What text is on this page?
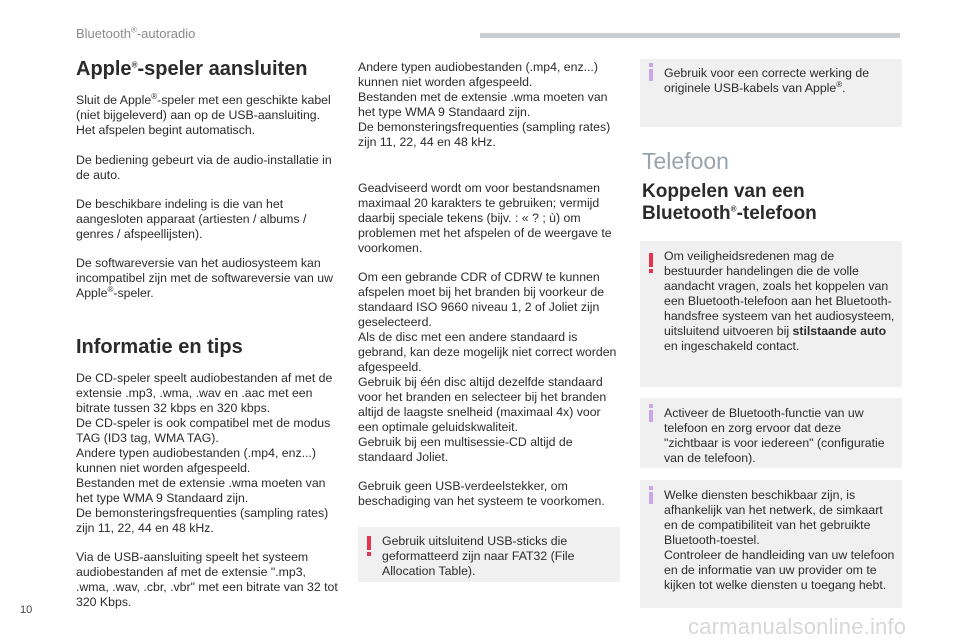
Bluetooth®-autoradio
Apple®-speler aansluiten

Sluit de Apple®-speler met een geschikte kabel (niet bijgeleverd) aan op de USB-aansluiting. Het afspelen begint automatisch.

De bediening gebeurt via de audio-installatie in de auto.

De beschikbare indeling is die van het aangesloten apparaat (artiesten / albums / genres / afspeellijsten).

De softwareversie van het audiosysteem kan incompatibel zijn met de softwareversie van uw Apple®-speler.

Informatie en tips

De CD-speler speelt audiobestanden af met de extensie .mp3, .wma, .wav en .aac met een bitrate tussen 32 kbps en 320 kbps.
De CD-speler is ook compatibel met de modus TAG (ID3 tag, WMA TAG).
Andere typen audiobestanden (.mp4, enz...) kunnen niet worden afgespeeld.
Bestanden met de extensie .wma moeten van het type WMA 9 Standaard zijn.
De bemonsteringsfrequenties (sampling rates) zijn 11, 22, 44 en 48 kHz.

Via de USB-aansluiting speelt het systeem audiobestanden af met de extensie ".mp3, .wma, .wav, .cbr, .vbr" met een bitrate van 32 tot 320 Kbps.

Andere typen audiobestanden (.mp4, enz...) kunnen niet worden afgespeeld.
Bestanden met de extensie .wma moeten van het type WMA 9 Standaard zijn.
De bemonsteringsfrequenties (sampling rates) zijn 11, 22, 44 en 48 kHz.

Geadviseerd wordt om voor bestandsnamen maximaal 20 karakters te gebruiken; vermijd daarbij speciale tekens (bijv. : « ? ; ù) om problemen met het afspelen of de weergave te voorkomen.

Om een gebrande CDR of CDRW te kunnen afspelen moet bij het branden bij voorkeur de standaard ISO 9660 niveau 1, 2 of Joliet zijn geselecteerd.
Als de disc met een andere standaard is gebrand, kan deze mogelijk niet correct worden afgespeeld.
Gebruik bij één disc altijd dezelfde standaard voor het branden en selecteer bij het branden altijd de laagste snelheid (maximaal 4x) voor een optimale geluidskwaliteit.
Gebruik bij een multisessie-CD altijd de standaard Joliet.

Gebruik geen USB-verdeelstekker, om beschadiging van het systeem te voorkomen.

Gebruik uitsluitend USB-sticks die geformatteerd zijn naar FAT32 (File Allocation Table).
Gebruik voor een correcte werking de originele USB-kabels van Apple®.
Telefoon
Koppelen van een
Bluetooth®-telefoon
Om veiligheidsredenen mag de bestuurder handelingen die de volle aandacht vragen, zoals het koppelen van een Bluetooth-telefoon aan het Bluetooth-handsfree systeem van het audiosysteem, uitsluitend uitvoeren bij stilstaande auto en ingeschakeld contact.
Activeer de Bluetooth-functie van uw telefoon en zorg ervoor dat deze "zichtbaar is voor iedereen" (configuratie van de telefoon).
Welke diensten beschikbaar zijn, is afhankelijk van het netwerk, de simkaart en de compatibiliteit van het gebruikte Bluetooth-toestel.
Controleer de handleiding van uw telefoon en de informatie van uw provider om te kijken tot welke diensten u toegang hebt.
10
carmanualsonline.info
